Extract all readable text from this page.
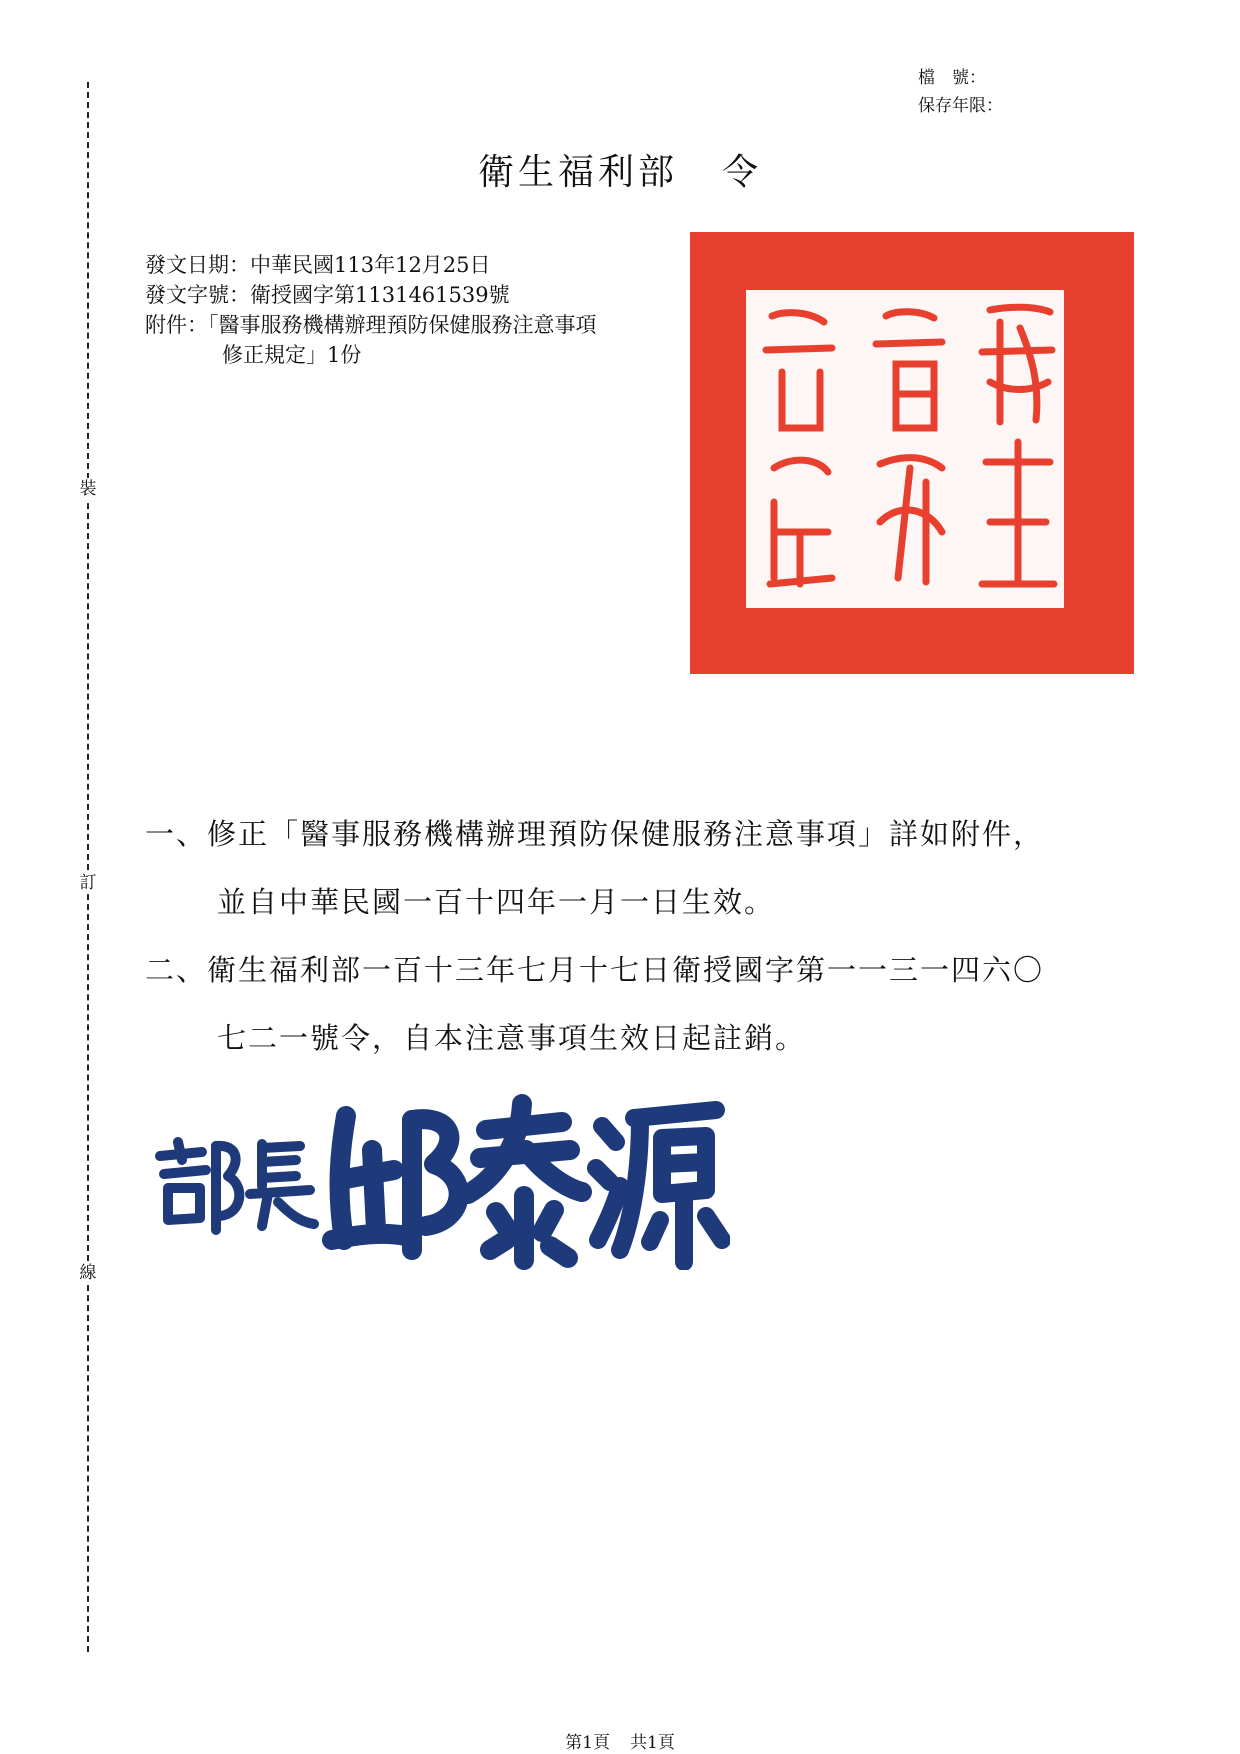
裝
訂
線
檔　號：
保存年限：
衛生福利部 令
發文日期：中華民國113年12月25日
發文字號：衛授國字第1131461539號
附件：「醫事服務機構辦理預防保健服務注意事項
修正規定」1份
一、修正「醫事服務機構辦理預防保健服務注意事項」詳如附件，
並自中華民國一百十四年一月一日生效。
二、衛生福利部一百十三年七月十七日衛授國字第一一三一四六〇
七二一號令，自本注意事項生效日起註銷。
第1頁 共1頁
